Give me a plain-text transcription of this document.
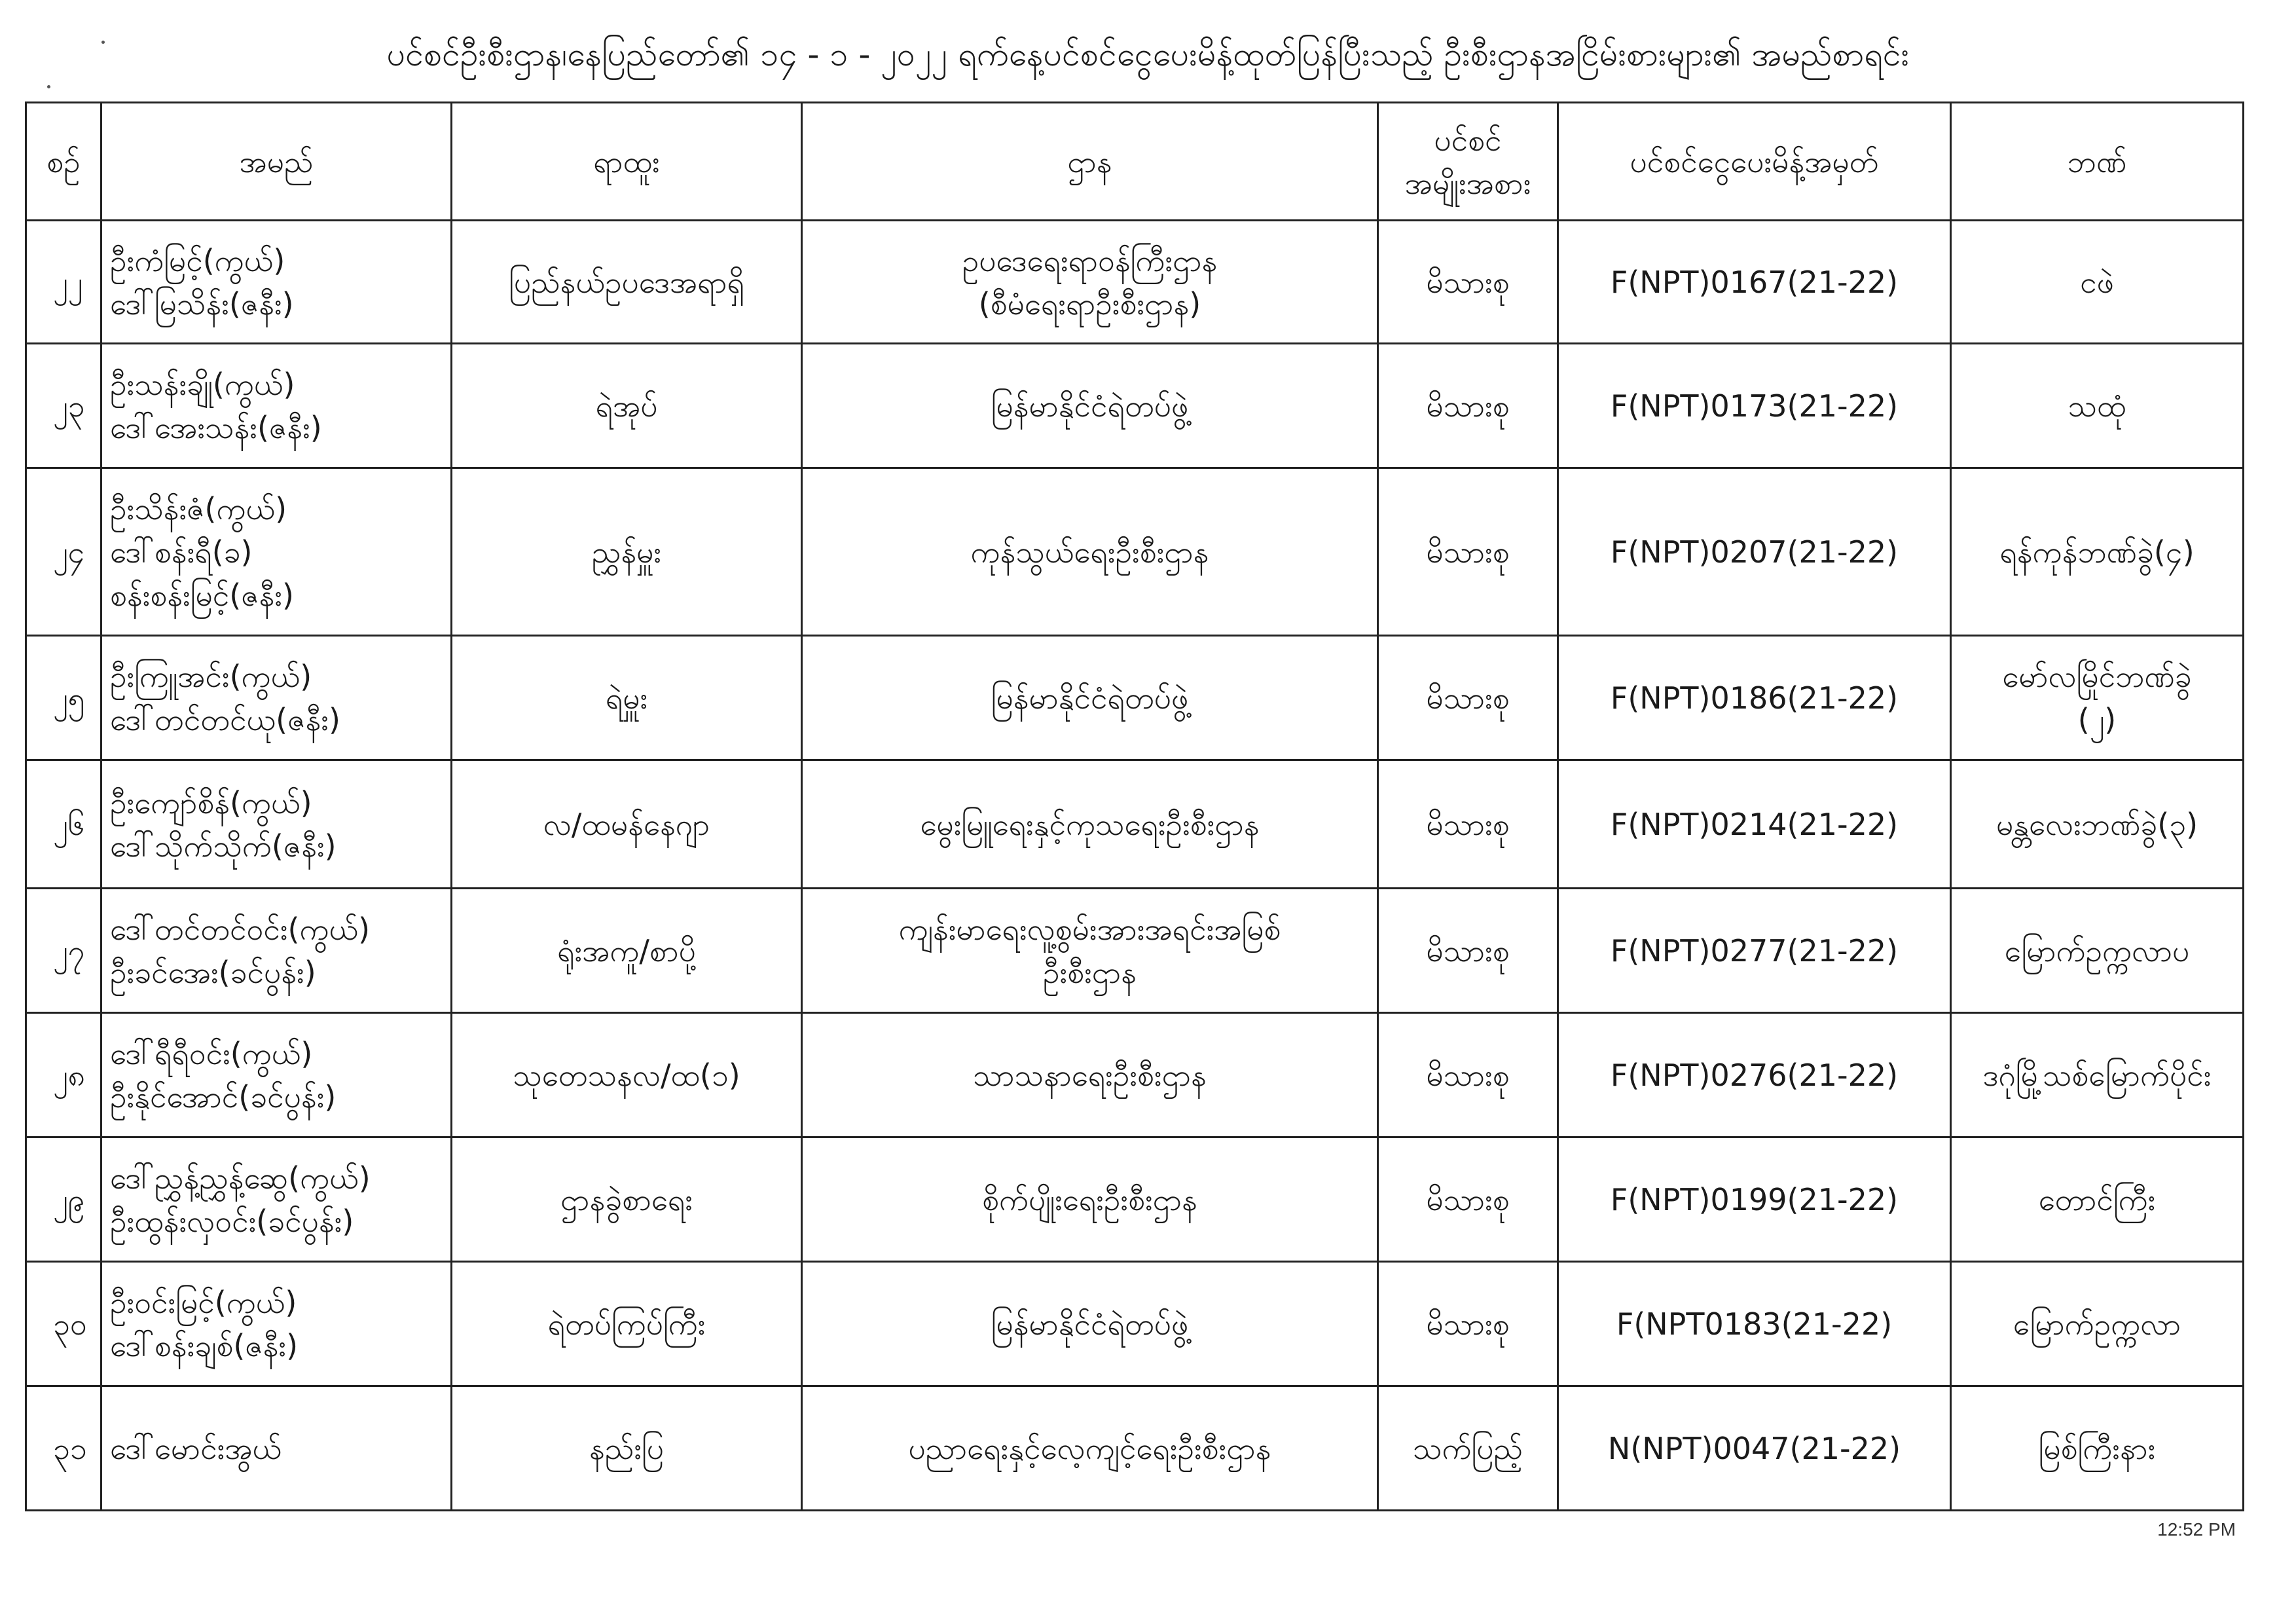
ပင်စင်ဦးစီးဌာန၊နေပြည်တော်၏ ၁၄ - ၁ - ၂၀၂၂ ရက်နေ့ပင်စင်ငွေပေးမိန့်ထုတ်ပြန်ပြီးသည့် ဦးစီးဌာနအငြိမ်းစားများ၏ အမည်စာရင်း
စဉ်	အမည်	ရာထူး	ဌာန	ပင်စင်
အမျိုးအစား	ပင်စင်ငွေပေးမိန့်အမှတ်	ဘဏ်
၂၂	ဦးကံမြင့်(ကွယ်)
ဒေါ်မြသိန်း(ဇနီး)	ပြည်နယ်ဥပဒေအရာရှိ	ဥပဒေရေးရာဝန်ကြီးဌာန
(စီမံရေးရာဦးစီးဌာန)	မိသားစု	F(NPT)0167(21-22)	ငဖဲ

၂၃	ဦးသန်းချို(ကွယ်)
ဒေါ်အေးသန်း(ဇနီး)	ရဲအုပ်	မြန်မာနိုင်ငံရဲတပ်ဖွဲ့	မိသားစု	F(NPT)0173(21-22)	သထုံ

၂၄	ဦးသိန်းဇံ(ကွယ်)
ဒေါ်စန်းရီ(ခ)
စန်းစန်းမြင့်(ဇနီး)	ညွှန်မှူး	ကုန်သွယ်ရေးဦးစီးဌာန	မိသားစု	F(NPT)0207(21-22)	ရန်ကုန်ဘဏ်ခွဲ(၄)

၂၅	ဦးကြူအင်း(ကွယ်)
ဒေါ်တင်တင်ယု(ဇနီး)	ရဲမှူး	မြန်မာနိုင်ငံရဲတပ်ဖွဲ့	မိသားစု	F(NPT)0186(21-22)	မော်လမြိုင်ဘဏ်ခွဲ
(၂)

၂၆	ဦးကျော်စိန်(ကွယ်)
ဒေါ်သိုက်သိုက်(ဇနီး)	လ/ထမန်နေဂျာ	မွေးမြူရေးနှင့်ကုသရေးဦးစီးဌာန	မိသားစု	F(NPT)0214(21-22)	မန္တလေးဘဏ်ခွဲ(၃)

၂၇	ဒေါ်တင်တင်ဝင်း(ကွယ်)
ဦးခင်အေး(ခင်ပွန်း)	ရုံးအကူ/စာပို့	ကျန်းမာရေးလူ့စွမ်းအားအရင်းအမြစ်
ဦးစီးဌာန	မိသားစု	F(NPT)0277(21-22)	မြောက်ဥက္ကလာပ

၂၈	ဒေါ်ရီရီဝင်း(ကွယ်)
ဦးနိုင်အောင်(ခင်ပွန်း)	သုတေသနလ/ထ(၁)	သာသနာရေးဦးစီးဌာန	မိသားစု	F(NPT)0276(21-22)	ဒဂုံမြို့သစ်မြောက်ပိုင်း

၂၉	ဒေါ်ညွှန့်ညွှန့်ဆွေ(ကွယ်)
ဦးထွန်းလှဝင်း(ခင်ပွန်း)	ဌာနခွဲစာရေး	စိုက်ပျိုးရေးဦးစီးဌာန	မိသားစု	F(NPT)0199(21-22)	တောင်ကြီး

၃၀	ဦးဝင်းမြင့်(ကွယ်)
ဒေါ်စန်းချစ်(ဇနီး)	ရဲတပ်ကြပ်ကြီး	မြန်မာနိုင်ငံရဲတပ်ဖွဲ့	မိသားစု	F(NPT0183(21-22)	မြောက်ဥက္ကလာ

၃၁	ဒေါ်မောင်းအွယ်	နည်းပြ	ပညာရေးနှင့်လေ့ကျင့်ရေးဦးစီးဌာန	သက်ပြည့်	N(NPT)0047(21-22)	မြစ်ကြီးနား
12:52 PM
